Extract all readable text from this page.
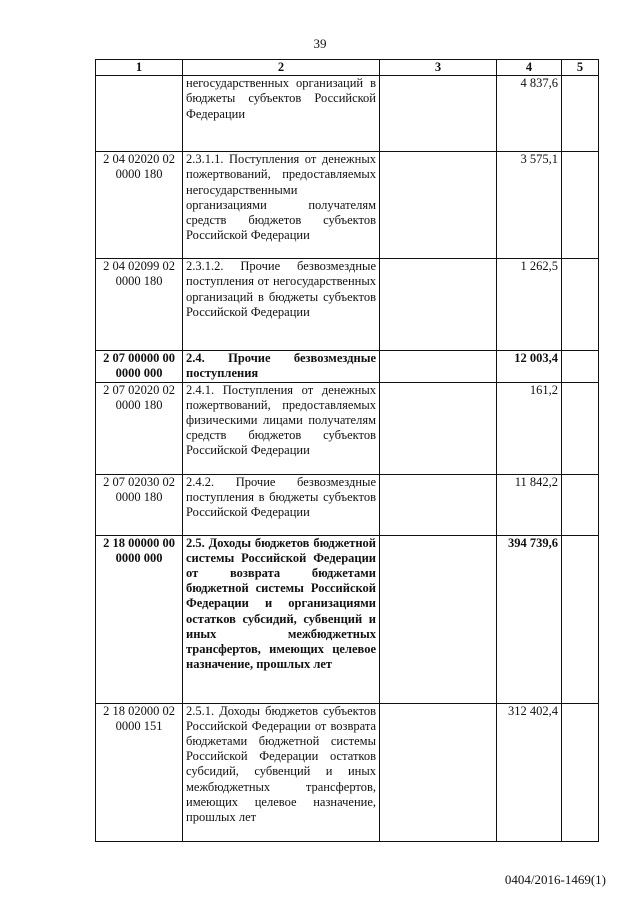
39
1	2	3	4	5
	негосударственных организаций в бюджеты субъектов Российской Федерации		4 837,6	
2 04 02020 02 0000 180	2.3.1.1. Поступления от денежных пожертвований, предоставляемых негосударственными организациями получателям средств бюджетов субъектов Российской Федерации		3 575,1	
2 04 02099 02 0000 180	2.3.1.2. Прочие безвозмездные поступления от негосударственных организаций в бюджеты субъектов Российской Федерации		1 262,5	
2 07 00000 00 0000 000	2.4. Прочие безвозмездные поступления		12 003,4	
2 07 02020 02 0000 180	2.4.1. Поступления от денежных пожертвований, предоставляемых физическими лицами получателям средств бюджетов субъектов Российской Федерации		161,2	
2 07 02030 02 0000 180	2.4.2. Прочие безвозмездные поступления в бюджеты субъектов Российской Федерации		11 842,2	
2 18 00000 00 0000 000	2.5. Доходы бюджетов бюджетной системы Российской Федерации от возврата бюджетами бюджетной системы Российской Федерации и организациями остатков субсидий, субвенций и иных межбюджетных трансфертов, имеющих целевое назначение, прошлых лет		394 739,6	
2 18 02000 02 0000 151	2.5.1. Доходы бюджетов субъектов Российской Федерации от возврата бюджетами бюджетной системы Российской Федерации остатков субсидий, субвенций и иных межбюджетных трансфертов, имеющих целевое назначение, прошлых лет		312 402,4	
0404/2016-1469(1)
